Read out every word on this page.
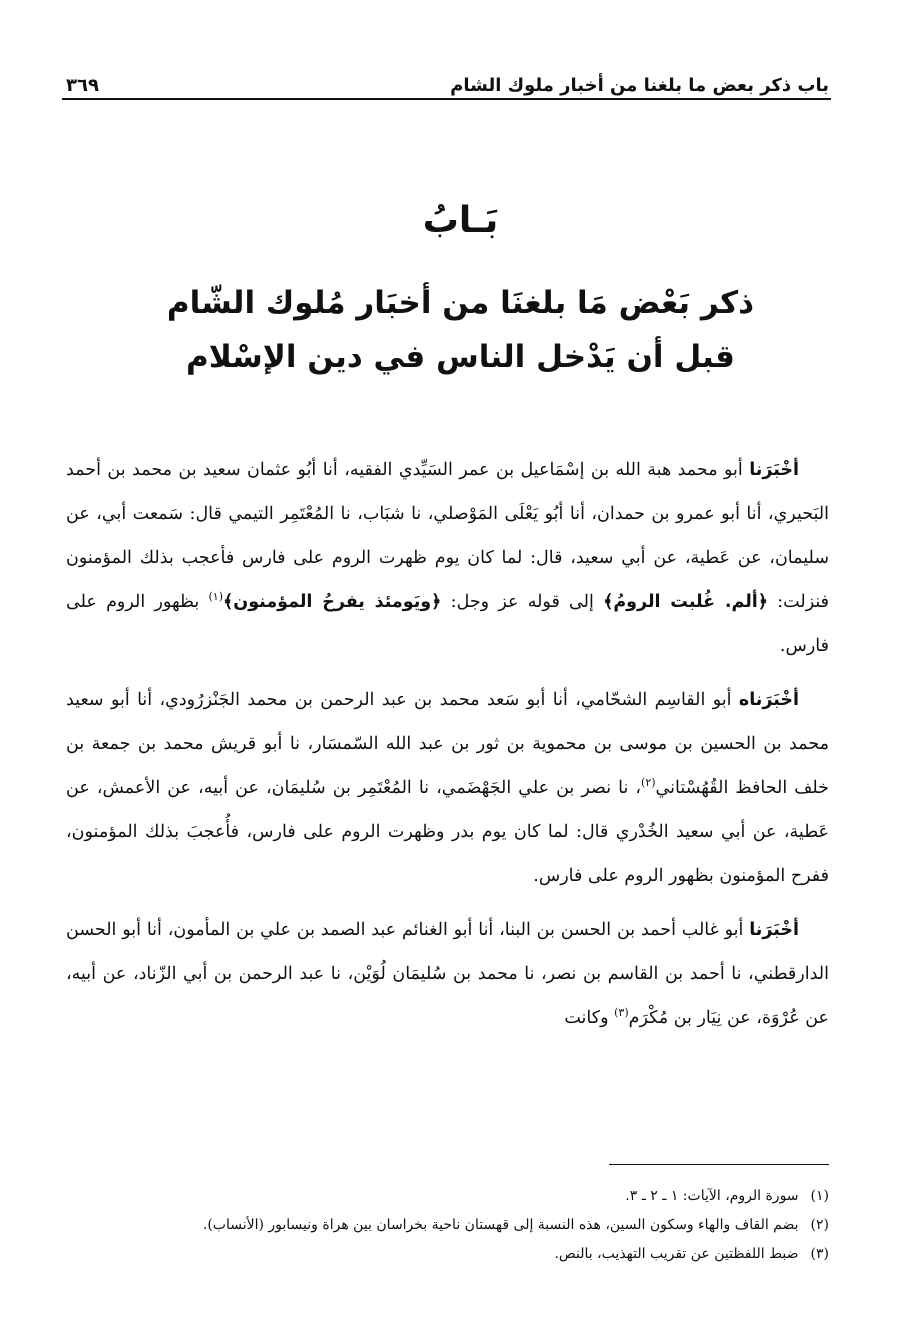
باب ذكر بعض ما بلغنا من أخبار ملوك الشام
٣٦٩
بَـابُ
ذكر بَعْض مَا بلغنَا من أخبَار مُلوك الشّام
قبل أن يَدْخل الناس في دين الإسْلام

أخْبَرَنا أبو محمد هبة الله بن إسْمَاعيل بن عمر السَيِّدي الفقيه، أنا أبُو عثمان سعيد بن محمد بن أحمد البَحيري، أنا أبو عمرو بن حمدان، أنا أبُو يَعْلَى المَوْصلي، نا شبَاب، نا المُعْتَمِر التيمي قال: سَمعت أبي، عن سليمان، عن عَطية، عن أبي سعيد، قال: لما كان يوم ظهرت الروم على فارس فأعجب بذلك المؤمنون فنزلت: ﴿ألم. غُلبت الرومُ﴾ إلى قوله عز وجل: ﴿ويَومئذ يفرحُ المؤمنون﴾$^{(١)}$ بظهور الروم على فارس.

أخْبَرَناه أبو القاسِم الشحّامي، أنا أبو سَعد محمد بن عبد الرحمن بن محمد الجَنْزرُودي، أنا أبو سعيد محمد بن الحسين بن موسى بن محموية بن ثور بن عبد الله السّمسَار، نا أبو قريش محمد بن جمعة بن خلف الحافظ القُهُسْتاني$^{(٢)}$، نا نصر بن علي الجَهْضَمي، نا المُعْتَمِر بن سُليمَان، عن أبيه، عن الأعمش، عن عَطية، عن أبي سعيد الخُدْري قال: لما كان يوم بدر وظهرت الروم على فارس، فأُعجبَ بذلك المؤمنون، ففرح المؤمنون بظهور الروم على فارس.

أخْبَرَنا أبو غالب أحمد بن الحسن بن البنا، أنا أبو الغنائم عبد الصمد بن علي بن المأمون، أنا أبو الحسن الدارقطني، نا أحمد بن القاسم بن نصر، نا محمد بن سُليمَان لُوَيْن، نا عبد الرحمن بن أبي الزّناد، عن أبيه، عن عُرْوَة، عن نِيَار بن مُكْرَم$^{(٣)}$ وكانت

(١)
سورة الروم، الآيات: ١ ـ ٢ ـ ٣.
(٢)
بضم القاف والهاء وسكون السين، هذه النسبة إلى قهستان ناحية بخراسان بين هراة ونيسابور (الأنساب).
(٣)
ضبط اللفظتين عن تقريب التهذيب، بالنص.
